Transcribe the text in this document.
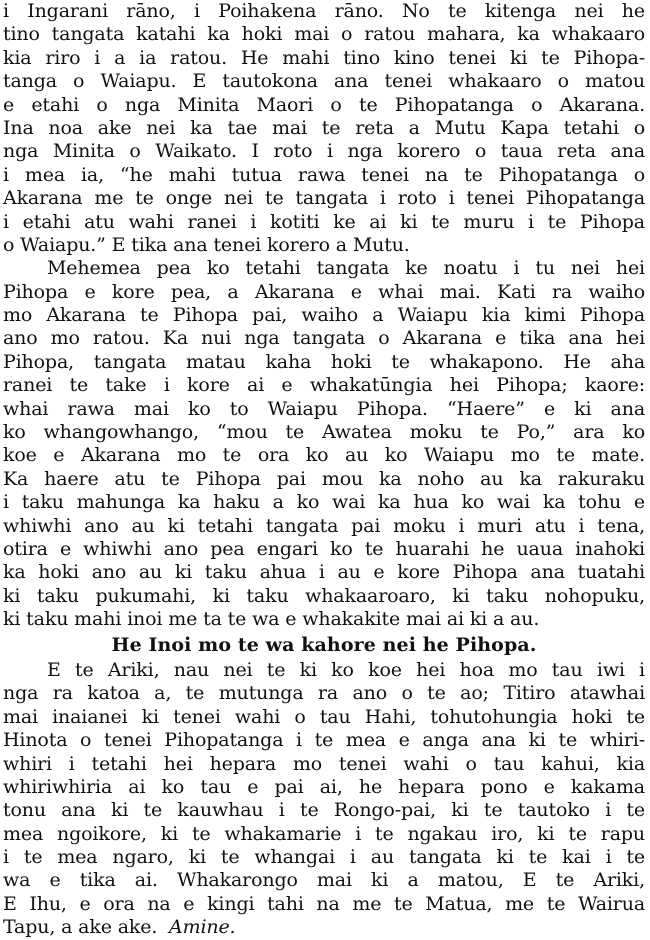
i Ingarani rāno, i Poihakena rāno. No te kitenga nei he
tino tangata katahi ka hoki mai o ratou mahara, ka whakaaro
kia riro i a ia ratou. He mahi tino kino tenei ki te Pihopa-
tanga o Waiapu. E tautokona ana tenei whakaaro o matou
e etahi o nga Minita Maori o te Pihopatanga o Akarana.
Ina noa ake nei ka tae mai te reta a Mutu Kapa tetahi o
nga Minita o Waikato. I roto i nga korero o taua reta ana
i mea ia, “he mahi tutua rawa tenei na te Pihopatanga o
Akarana me te onge nei te tangata i roto i tenei Pihopatanga
i etahi atu wahi ranei i kotiti ke ai ki te muru i te Pihopa
o Waiapu.” E tika ana tenei korero a Mutu.
Mehemea pea ko tetahi tangata ke noatu i tu nei hei
Pihopa e kore pea, a Akarana e whai mai. Kati ra waiho
mo Akarana te Pihopa pai, waiho a Waiapu kia kimi Pihopa
ano mo ratou. Ka nui nga tangata o Akarana e tika ana hei
Pihopa, tangata matau kaha hoki te whakapono. He aha
ranei te take i kore ai e whakatūngia hei Pihopa; kaore:
whai rawa mai ko to Waiapu Pihopa. “Haere” e ki ana
ko whangowhango, “mou te Awatea moku te Po,” ara ko
koe e Akarana mo te ora ko au ko Waiapu mo te mate.
Ka haere atu te Pihopa pai mou ka noho au ka rakuraku
i taku mahunga ka haku a ko wai ka hua ko wai ka tohu e
whiwhi ano au ki tetahi tangata pai moku i muri atu i tena,
otira e whiwhi ano pea engari ko te huarahi he uaua inahoki
ka hoki ano au ki taku ahua i au e kore Pihopa ana tuatahi
ki taku pukumahi, ki taku whakaaroaro, ki taku nohopuku,
ki taku mahi inoi me ta te wa e whakakite mai ai ki a au.
He Inoi mo te wa kahore nei he Pihopa.
E te Ariki, nau nei te ki ko koe hei hoa mo tau iwi i
nga ra katoa a, te mutunga ra ano o te ao; Titiro atawhai
mai inaianei ki tenei wahi o tau Hahi, tohutohungia hoki te
Hinota o tenei Pihopatanga i te mea e anga ana ki te whiri-
whiri i tetahi hei hepara mo tenei wahi o tau kahui, kia
whiriwhiria ai ko tau e pai ai, he hepara pono e kakama
tonu ana ki te kauwhau i te Rongo-pai, ki te tautoko i te
mea ngoikore, ki te whakamarie i te ngakau iro, ki te rapu
i te mea ngaro, ki te whangai i au tangata ki te kai i te
wa e tika ai. Whakarongo mai ki a matou, E te Ariki,
E Ihu, e ora na e kingi tahi na me te Matua, me te Wairua
Tapu, a ake ake. Amine.
